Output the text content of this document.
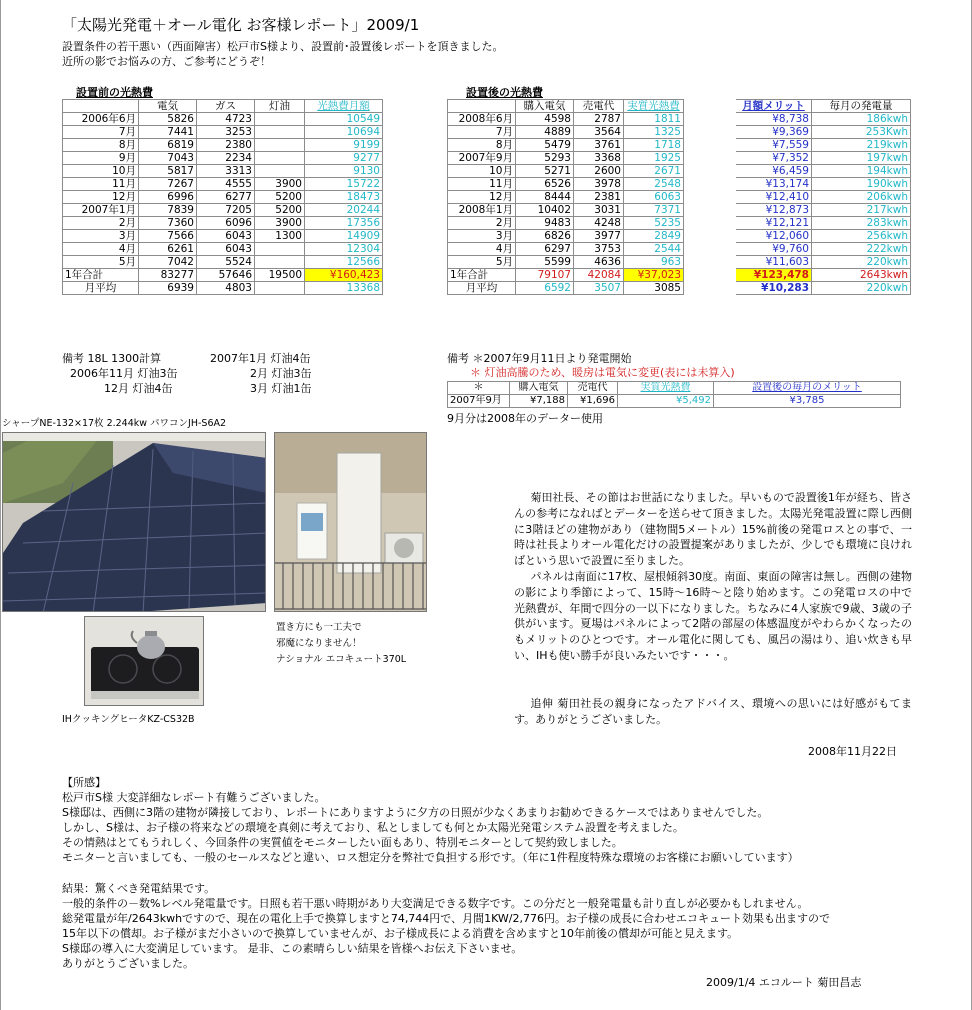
「太陽光発電＋オール電化 お客様レポート」2009/1
設置条件の若干悪い（西面障害）松戸市S様より、設置前･設置後レポートを頂きました。
近所の影でお悩みの方、ご参考にどうぞ！
設置前の光熱費	設置後の光熱費
	電気	ガス	灯油	光熱費月額
2006年6月	5826	4723		10549
7月	7441	3253		10694
8月	6819	2380		9199
9月	7043	2234		9277
10月	5817	3313		9130
11月	7267	4555	3900	15722
12月	6996	6277	5200	18473
2007年1月	7839	7205	5200	20244
2月	7360	6096	3900	17356
3月	7566	6043	1300	14909
4月	6261	6043		12304
5月	7042	5524		12566
1年合計	83277	57646	19500	¥160,423
月平均	6939	4803		13368
	購入電気	売電代	実質光熱費		月額メリット	毎月の発電量
2008年6月	4598	2787	1811		¥8,738	186kwh
7月	4889	3564	1325		¥9,369	253Kwh
8月	5479	3761	1718		¥7,559	219kwh
2007年9月	5293	3368	1925		¥7,352	197kwh
10月	5271	2600	2671		¥6,459	194kwh
11月	6526	3978	2548		¥13,174	190kwh
12月	8444	2381	6063		¥12,410	206kwh
2008年1月	10402	3031	7371		¥12,873	217kwh
2月	9483	4248	5235		¥12,121	283kwh
3月	6826	3977	2849		¥12,060	256kwh
4月	6297	3753	2544		¥9,760	222kwh
5月	5599	4636	963		¥11,603	220kwh
1年合計	79107	42084	¥37,023		¥123,478	2643kwh
月平均	6592	3507	3085		¥10,283	220kwh
備考 18L 1300計算	2007年1月 灯油4缶
2006年11月 灯油3缶	2月 灯油3缶
12月 灯油4缶	3月 灯油1缶
備考 ＊2007年9月11日より発電開始
＊ 灯油高騰のため、暖房は電気に変更(表には未算入)
＊	購入電気	売電代	実質光熱費	設置後の毎月のメリット
2007年9月	¥7,188	¥1,696	¥5,492	¥3,785
9月分は2008年のデーター使用
シャープNE-132×17枚 2.244kw パワコンJH-S6A2
置き方にも一工夫で
邪魔になりません！
ナショナル エコキュート370L
IHクッキングヒータKZ-CS32B

菊田社長、その節はお世話になりました。早いもので設置後1年が経ち、皆さんの参考になればとデーターを送らせて頂きました。太陽光発電設置に際し西側に3階ほどの建物があり（建物間5メートル）15%前後の発電ロスとの事で、一時は社長よりオール電化だけの設置提案がありましたが、少しでも環境に良ければという思いで設置に至りました。

パネルは南面に17枚、屋根傾斜30度。南面、東面の障害は無し。西側の建物の影により季節によって、15時～16時～と陰り始めます。この発電ロスの中で光熱費が、年間で四分の一以下になりました。ちなみに4人家族で9歳、3歳の子供がいます。夏場はパネルによって2階の部屋の体感温度がやわらかくなったのもメリットのひとつです。オール電化に関しても、風呂の湯はり、追い炊きも早い、IHも使い勝手が良いみたいです・・・。

追伸 菊田社長の親身になったアドバイス、環境への思いには好感がもてます。ありがとうございました。

2008年11月22日
【所感】
松戸市S様 大変詳細なレポート有難うございました。
S様邸は、西側に3階の建物が隣接しており、レポートにありますように夕方の日照が少なくあまりお勧めできるケースではありませんでした。
しかし、S様は、お子様の将来などの環境を真剣に考えており、私としましても何とか太陽光発電システム設置を考えました。
その情熱はとてもうれしく、今回条件の実質値をモニターしたい面もあり、特別モニターとして契約致しました。
モニターと言いましても、一般のセールスなどと違い、ロス想定分を弊社で負担する形です。（年に1件程度特殊な環境のお客様にお願いしています）
結果：驚くべき発電結果です。
一般的条件の－数%レベル発電量です。日照も若干悪い時期があり大変満足できる数字です。この分だと一般発電量も計り直しが必要かもしれません。
総発電量が年/2643kwhですので、現在の電化上手で換算しますと74,744円で、月間1KW/2,776円。お子様の成長に合わせエコキュート効果も出ますので
15年以下の償却。お子様がまだ小さいので換算していませんが、お子様成長による消費を含めますと10年前後の償却が可能と見えます。
S様邸の導入に大変満足しています。 是非、この素晴らしい結果を皆様へお伝え下さいませ。
ありがとうございました。
2009/1/4 エコルート 菊田昌志
